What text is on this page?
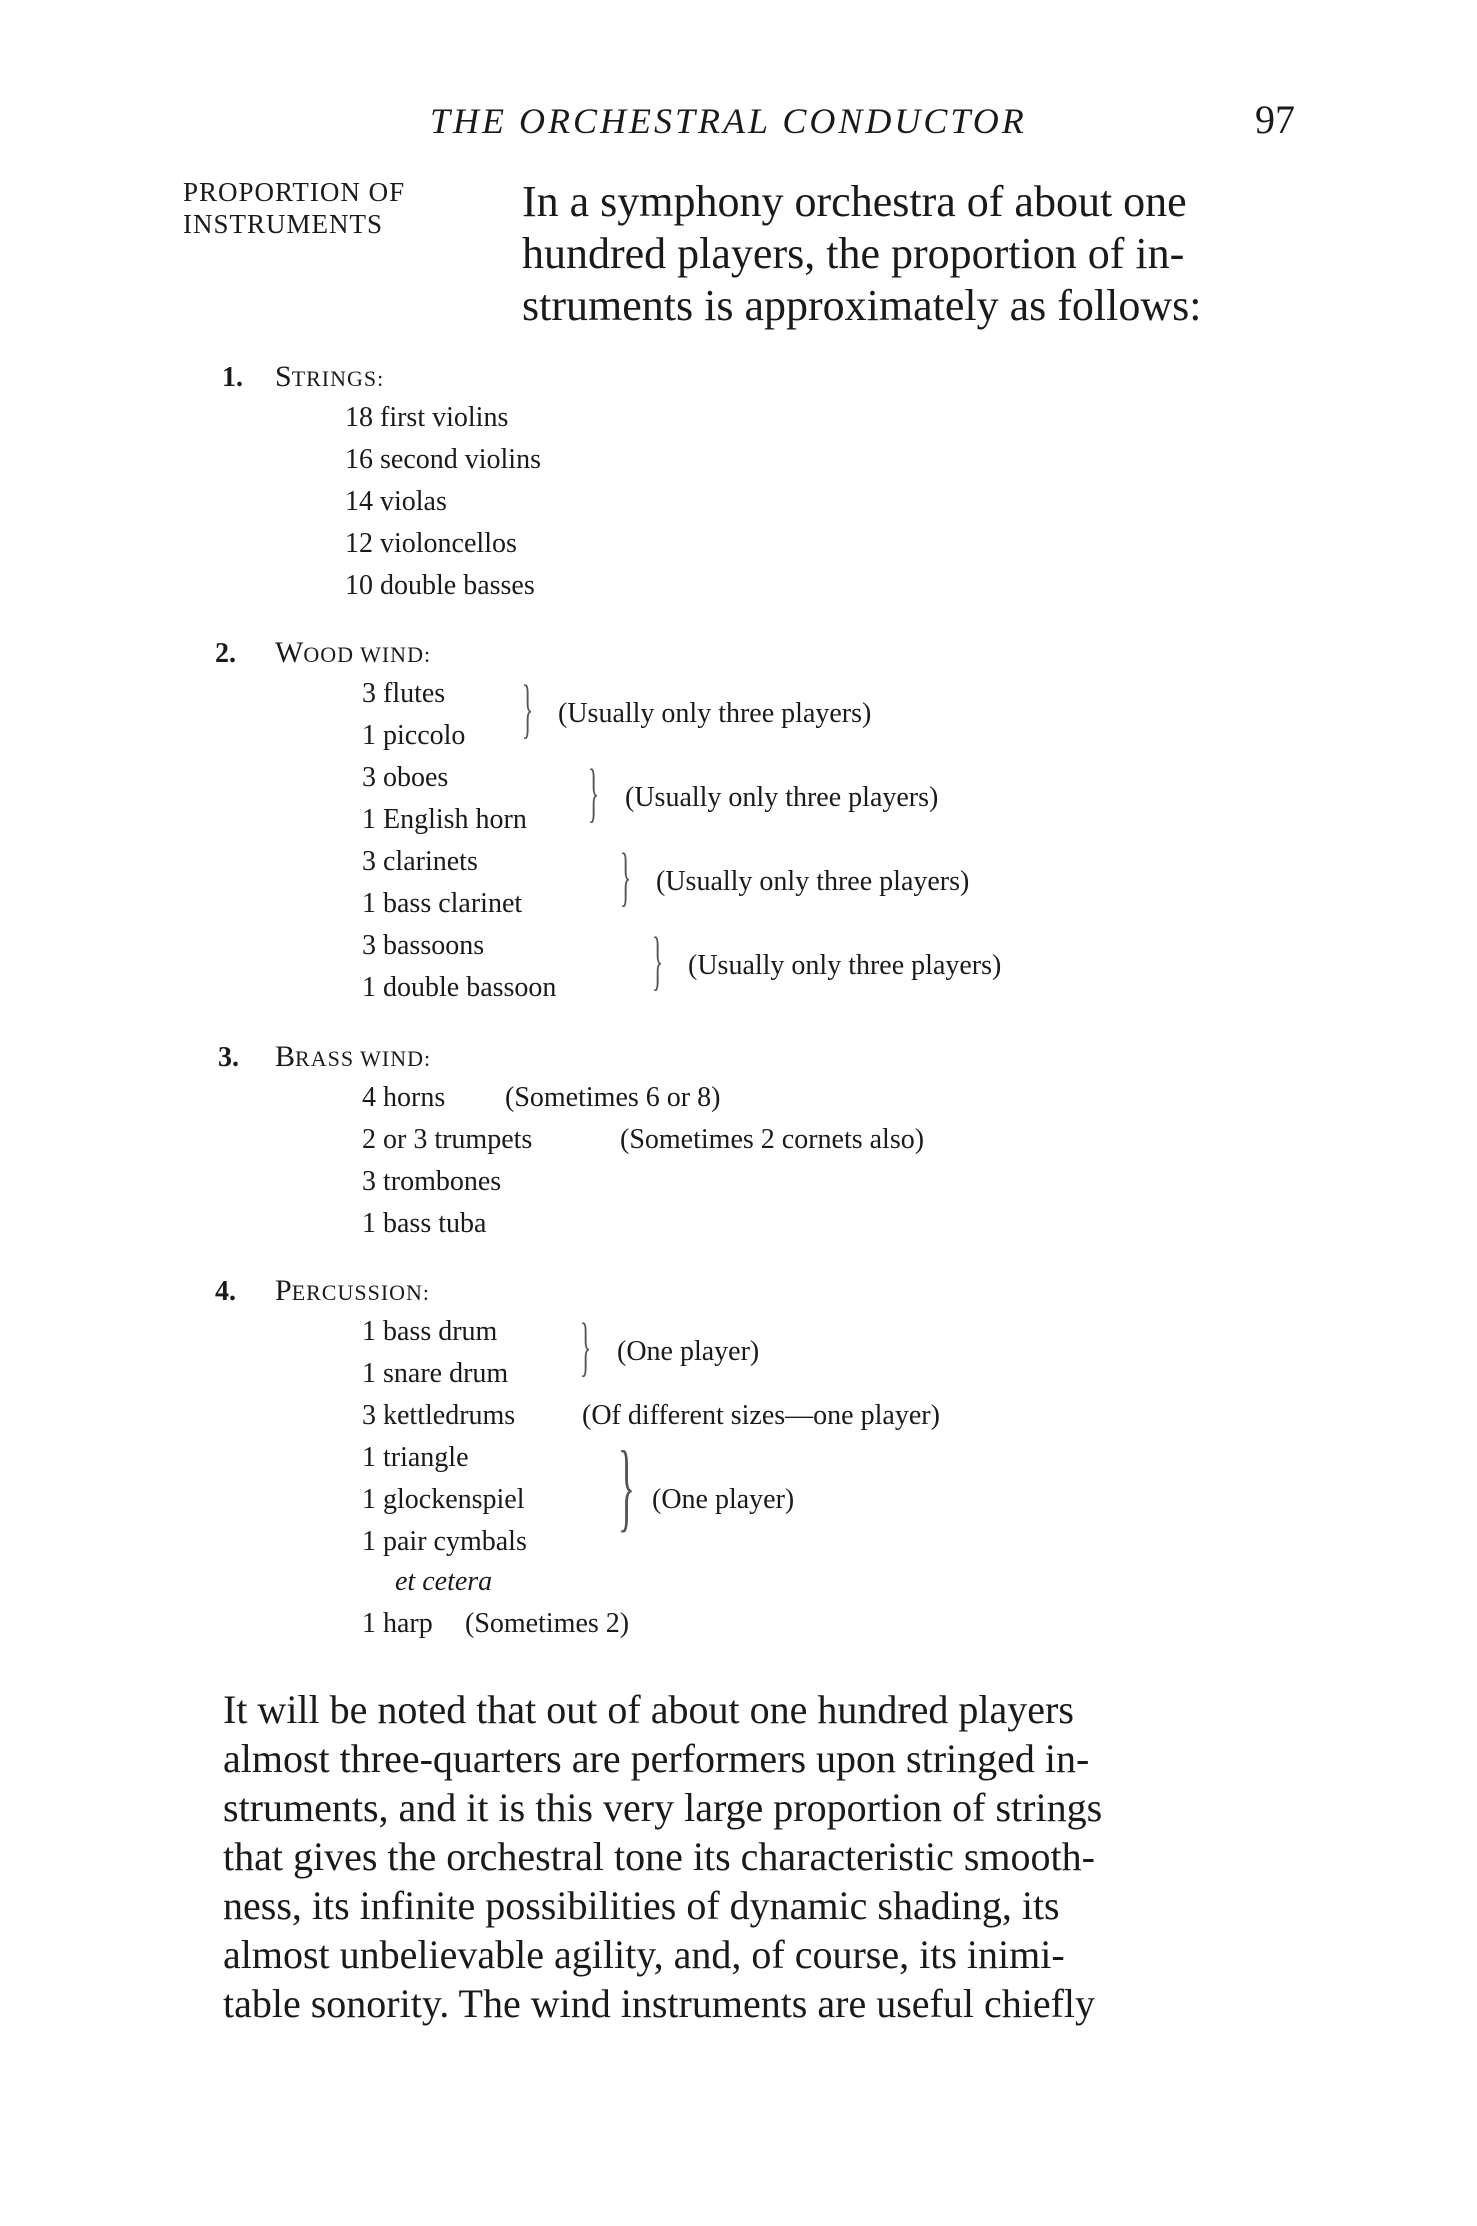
THE ORCHESTRAL CONDUCTOR	97
PROPORTION OF
INSTRUMENTS	In a symphony orchestra of about one
hundred players, the proportion of in-
struments is approximately as follows:
1. STRINGS:
18 first violins
16 second violins
14 violas
12 violoncellos
10 double basses
2. WOOD WIND:
3 flutes
1 piccolo } (Usually only three players)
3 oboes
1 English horn } (Usually only three players)
3 clarinets
1 bass clarinet } (Usually only three players)
3 bassoons
1 double bassoon } (Usually only three players)
3. BRASS WIND:
4 horns (Sometimes 6 or 8)
2 or 3 trumpets	(Sometimes 2 cornets also)
3 trombones
1 bass tuba
4. PERCUSSION:
1 bass drum
1 snare drum } (One player)
3 kettledrums (Of different sizes—one player)
1 triangle
1 glockenspiel
1 pair cymbals
} (One player)
et cetera
1 harp (Sometimes 2)
It will be noted that out of about one hundred players
almost three-quarters are performers upon stringed in-
struments, and it is this very large proportion of strings
that gives the orchestral tone its characteristic smooth-
ness, its infinite possibilities of dynamic shading, its
almost unbelievable agility, and, of course, its inimi-
table sonority. The wind instruments are useful chiefly
